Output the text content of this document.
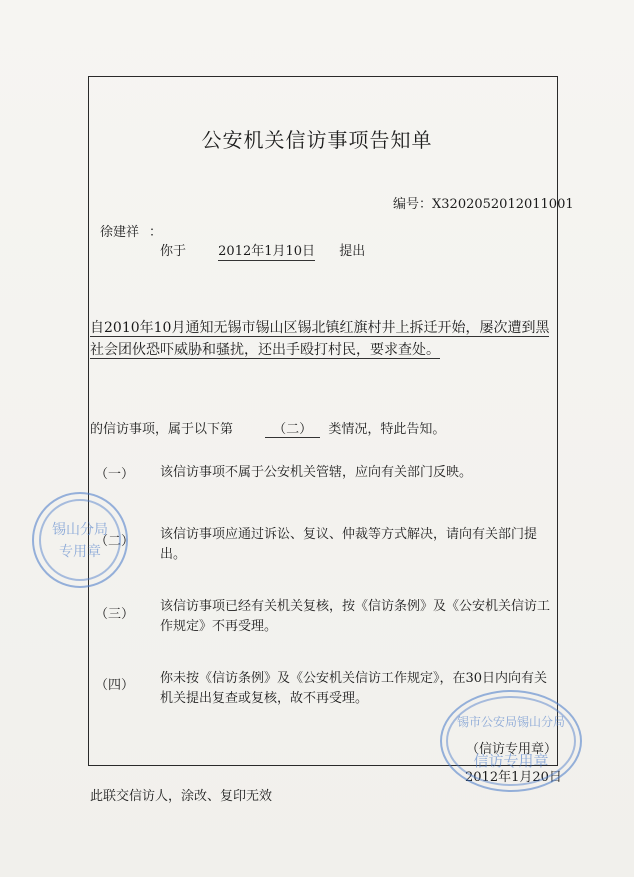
公安机关信访事项告知单
编号：X3202052012011001
徐建祥 ：
你于 2012年1月10日 提出
自2010年10月通知无锡市锡山区锡北镇红旗村井上拆迁开始，屡次遭到黑社会团伙恐吓威胁和骚扰，还出手殴打村民，要求查处。
的信访事项，属于以下第	（二） 类情况，特此告知。
（一） 该信访事项不属于公安机关管辖，应向有关部门反映。
（二） 该信访事项应通过诉讼、复议、仲裁等方式解决，请向有关部门提出。
（三）
该信访事项已经有关机关复核，按《信访条例》及《公安机关信访工作规定》不再受理。
（四） 你未按《信访条例》及《公安机关信访工作规定》，在30日内向有关机关提出复查或复核，故不再受理。
（信访专用章）
2012年1月20日
此联交信访人，涂改、复印无效
锡山分局
专用章
锡市公安局锡山分局
信访专用章
